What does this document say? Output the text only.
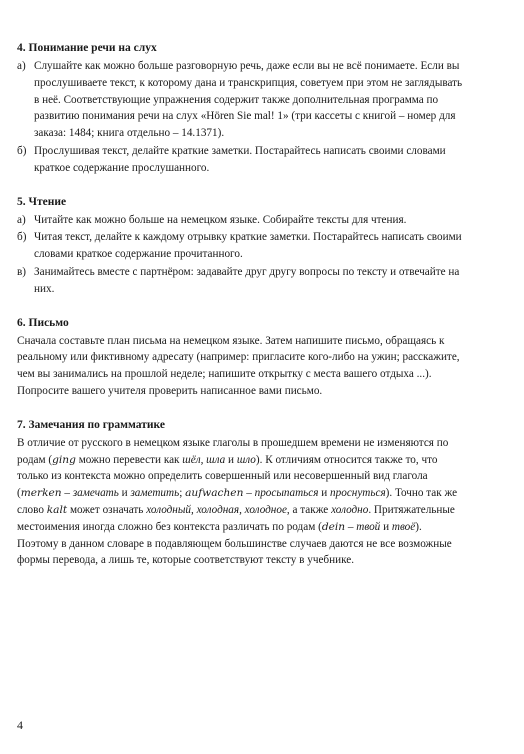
4. Понимание речи на слух
а) Слушайте как можно больше разговорную речь, даже если вы не всё понимаете. Если вы прослушиваете текст, к которому дана и транскрипция, советуем при этом не заглядывать в неё. Соответствующие упражнения содержит также дополнительная программа по развитию понимания речи на слух «Hören Sie mal! 1» (три кассеты с книгой – номер для заказа: 1484; книга отдельно – 14.1371).
б) Прослушивая текст, делайте краткие заметки. Постарайтесь написать своими словами краткое содержание прослушанного.
5. Чтение
а) Читайте как можно больше на немецком языке. Собирайте тексты для чтения.
б) Читая текст, делайте к каждому отрывку краткие заметки. Постарайтесь написать своими словами краткое содержание прочитанного.
в) Занимайтесь вместе с партнёром: задавайте друг другу вопросы по тексту и отвечайте на них.
6. Письмо

Сначала составьте план письма на немецком языке. Затем напишите письмо, обращаясь к реальному или фиктивному адресату (например: пригласите кого-либо на ужин; расскажите, чем вы занимались на прошлой неделе; напишите открытку с места вашего отдыха ...). Попросите вашего учителя проверить написанное вами письмо.

7. Замечания по грамматике

В отличие от русского в немецком языке глаголы в прошедшем времени не изменяются по родам (ging можно перевести как шёл, шла и шло). К отличиям относится также то, что только из контекста можно определить совершенный или несовершенный вид глагола (merken – замечать и заметить; aufwachen – просыпаться и проснуться). Точно так же слово kalt может означать холодный, холодная, холодное, а также холодно. Притяжательные местоимения иногда сложно без контекста различать по родам (dein – твой и твоё). Поэтому в данном словаре в подавляющем большинстве случаев даются не все возможные формы перевода, а лишь те, которые соответствуют тексту в учебнике.

4
